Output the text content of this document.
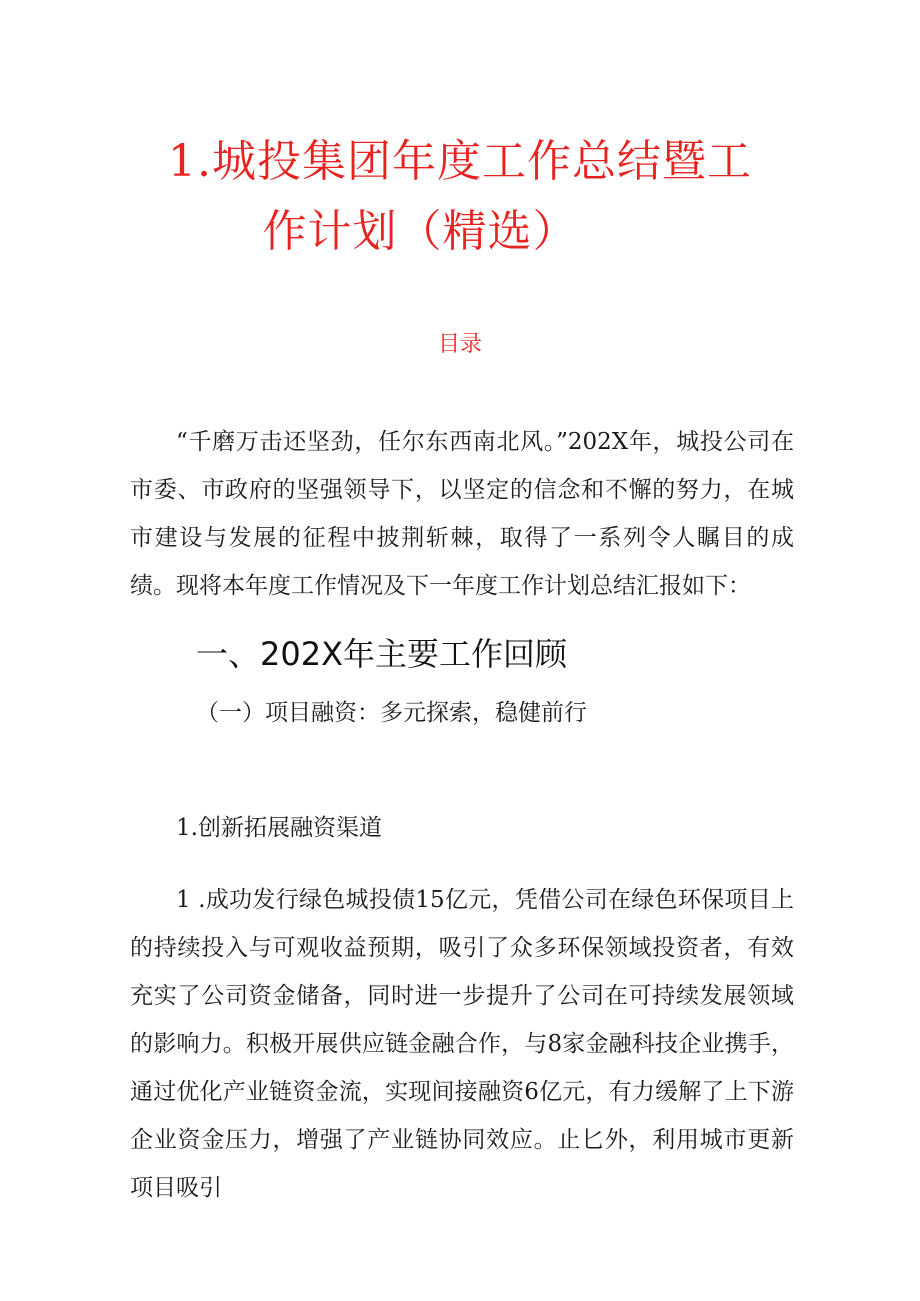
1.城投集团年度工作总结暨工
作计划（精选）
目录
“千磨万击还坚劲，任尔东西南北风。”202X年，城投公司在市委、市政府的坚强领导下，以坚定的信念和不懈的努力，在城市建设与发展的征程中披荆斩棘，取得了一系列令人瞩目的成绩。现将本年度工作情况及下一年度工作计划总结汇报如下：
一、202X年主要工作回顾
（一）项目融资：多元探索，稳健前行
1.创新拓展融资渠道
1 .成功发行绿色城投债15亿元，凭借公司在绿色环保项目上的持续投入与可观收益预期，吸引了众多环保领域投资者，有效充实了公司资金储备，同时进一步提升了公司在可持续发展领域的影响力。积极开展供应链金融合作，与8家金融科技企业携手，通过优化产业链资金流，实现间接融资6亿元，有力缓解了上下游企业资金压力，增强了产业链协同效应。止匕外，利用城市更新项目吸引
